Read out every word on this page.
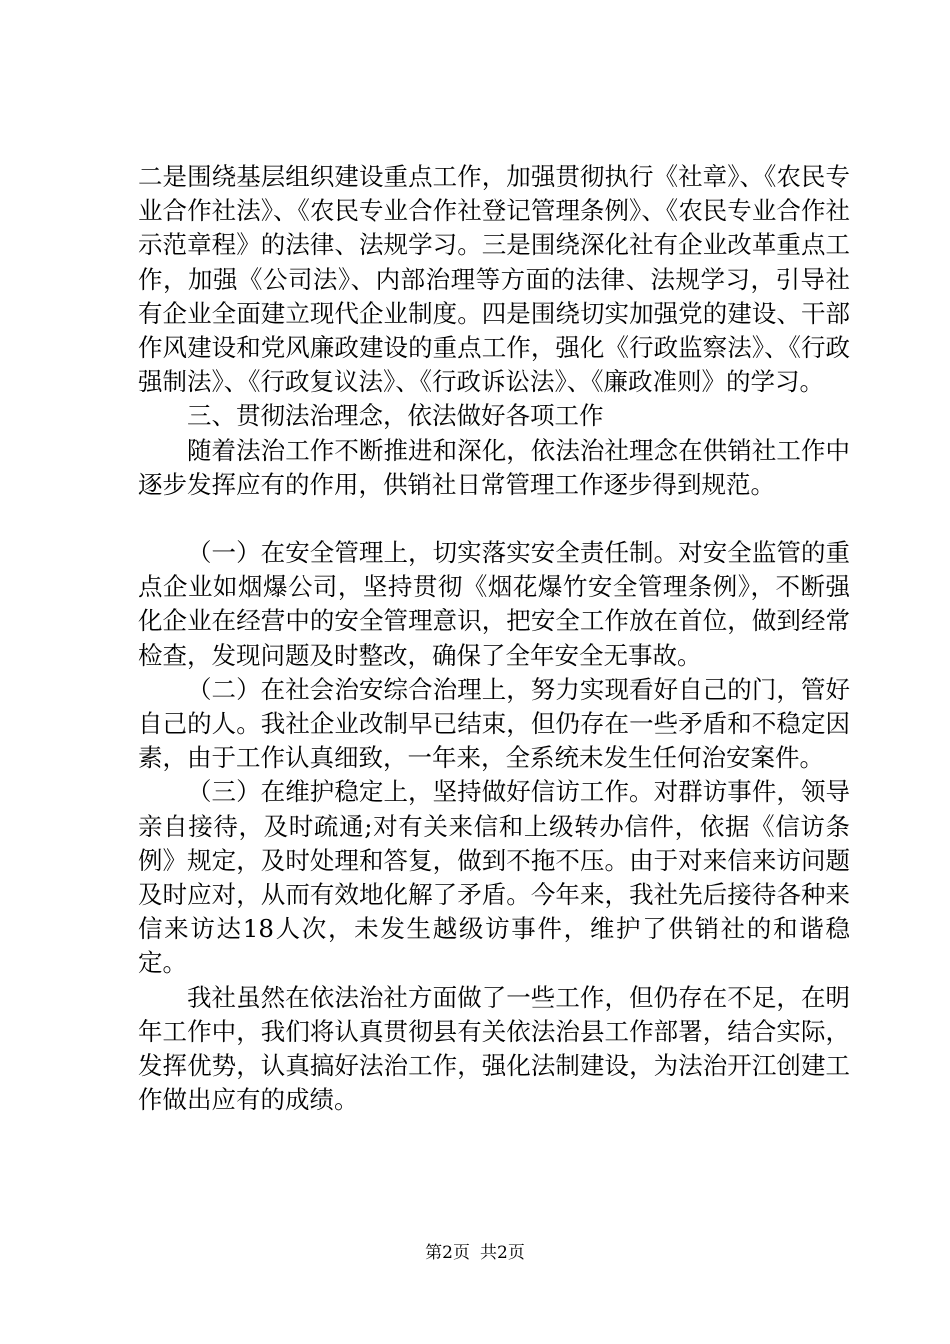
二是围绕基层组织建设重点工作，加强贯彻执行《社章》、《农民专业合作社法》、《农民专业合作社登记管理条例》、《农民专业合作社示范章程》的法律、法规学习。三是围绕深化社有企业改革重点工作，加强《公司法》、内部治理等方面的法律、法规学习，引导社有企业全面建立现代企业制度。四是围绕切实加强党的建设、干部作风建设和党风廉政建设的重点工作，强化《行政监察法》、《行政强制法》、《行政复议法》、《行政诉讼法》、《廉政准则》的学习。

三、贯彻法治理念，依法做好各项工作

随着法治工作不断推进和深化，依法治社理念在供销社工作中逐步发挥应有的作用，供销社日常管理工作逐步得到规范。

（一）在安全管理上，切实落实安全责任制。对安全监管的重点企业如烟爆公司，坚持贯彻《烟花爆竹安全管理条例》，不断强化企业在经营中的安全管理意识，把安全工作放在首位，做到经常检查，发现问题及时整改，确保了全年安全无事故。

（二）在社会治安综合治理上，努力实现看好自己的门，管好自己的人。我社企业改制早已结束，但仍存在一些矛盾和不稳定因素，由于工作认真细致，一年来，全系统未发生任何治安案件。

（三）在维护稳定上，坚持做好信访工作。对群访事件，领导亲自接待，及时疏通;对有关来信和上级转办信件，依据《信访条例》规定，及时处理和答复，做到不拖不压。由于对来信来访问题及时应对，从而有效地化解了矛盾。今年来，我社先后接待各种来信来访达18人次，未发生越级访事件，维护了供销社的和谐稳定。

我社虽然在依法治社方面做了一些工作，但仍存在不足，在明年工作中，我们将认真贯彻县有关依法治县工作部署，结合实际，发挥优势，认真搞好法治工作，强化法制建设，为法治开江创建工作做出应有的成绩。

第2页 共2页
